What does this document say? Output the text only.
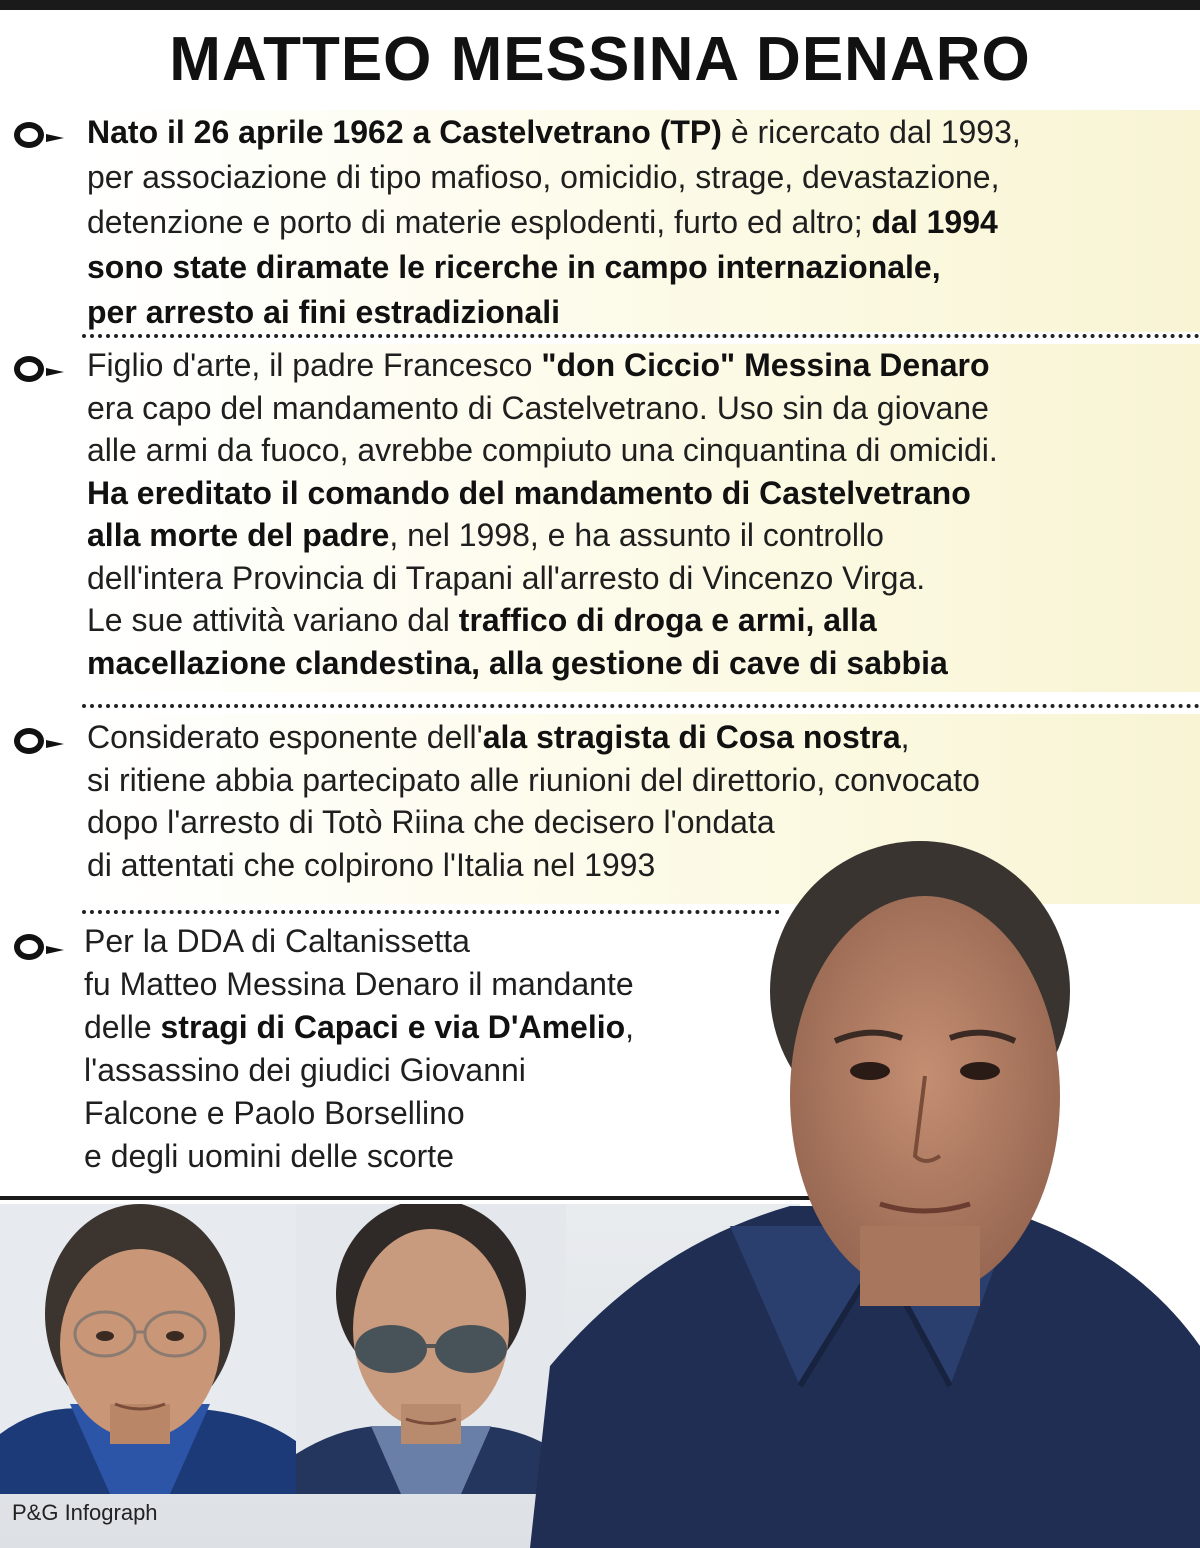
MATTEO MESSINA DENARO
Nato il 26 aprile 1962 a Castelvetrano (TP) è ricercato dal 1993,
per associazione di tipo mafioso, omicidio, strage, devastazione,
detenzione e porto di materie esplodenti, furto ed altro; dal 1994
sono state diramate le ricerche in campo internazionale,
per arresto ai fini estradizionali
Figlio d'arte, il padre Francesco "don Ciccio" Messina Denaro
era capo del mandamento di Castelvetrano. Uso sin da giovane
alle armi da fuoco, avrebbe compiuto una cinquantina di omicidi.
Ha ereditato il comando del mandamento di Castelvetrano
alla morte del padre, nel 1998, e ha assunto il controllo
dell'intera Provincia di Trapani all'arresto di Vincenzo Virga.
Le sue attività variano dal traffico di droga e armi, alla
macellazione clandestina, alla gestione di cave di sabbia
Considerato esponente dell'ala stragista di Cosa nostra,
si ritiene abbia partecipato alle riunioni del direttorio, convocato
dopo l'arresto di Totò Riina che decisero l'ondata
di attentati che colpirono l'Italia nel 1993
Per la DDA di Caltanissetta
fu Matteo Messina Denaro il mandante
delle stragi di Capaci e via D'Amelio,
l'assassino dei giudici Giovanni
Falcone e Paolo Borsellino
e degli uomini delle scorte
P&G Infograph
